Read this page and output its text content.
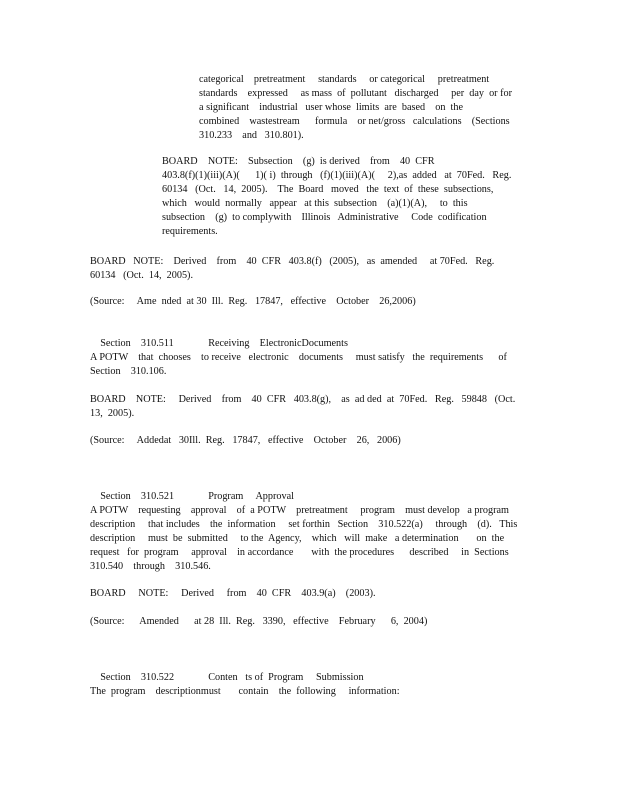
categorical    pretreatment     standards     or categorical     pretreatment
standards    expressed     as mass  of  pollutant   discharged     per  day  or for
a significant    industrial   user whose  limits  are  based    on  the
combined    wastestream      formula    or net/gross   calculations    (Sections
310.233    and   310.801).
BOARD    NOTE:    Subsection    (g)  is derived    from    40  CFR
403.8(f)(1)(iii)(A)(      1)( i)  through   (f)(1)(iii)(A)(     2),as  added   at  70Fed.   Reg.
60134   (Oct.   14,  2005).    The  Board   moved   the  text  of  these  subsections,
which   would  normally   appear   at this  subsection    (a)(1)(A),     to  this
subsection    (g)  to complywith    Illinois   Administrative     Code  codification
requirements.
BOARD   NOTE:    Derived    from    40  CFR   403.8(f)   (2005),   as  amended     at 70Fed.   Reg.
60134   (Oct.  14,  2005).
(Source:     Ame  nded  at 30  Ill.  Reg.   17847,   effective    October    26,2006)

Section    310.511	Receiving    ElectronicDocuments

A POTW    that  chooses    to receive   electronic    documents     must satisfy   the  requirements      of
Section    310.106.
BOARD    NOTE:     Derived    from    40  CFR   403.8(g),    as  ad ded  at  70Fed.   Reg.   59848   (Oct.
13,  2005).
(Source:     Addedat   30Ill.  Reg.   17847,   effective    October    26,   2006)

Section    310.521	Program     Approval

A POTW    requesting    approval    of  a POTW    pretreatment     program    must develop   a program
description     that includes    the  information     set forthin   Section    310.522(a)     through    (d).   This
description     must  be  submitted     to the  Agency,    which   will  make   a determination       on  the
request   for  program     approval    in accordance       with  the procedures      described     in  Sections
310.540    through    310.546.
BOARD     NOTE:     Derived     from    40  CFR    403.9(a)    (2003).
(Source:      Amended      at 28  Ill.  Reg.   3390,   effective    February      6,  2004)

Section    310.522	Conten   ts of  Program     Submission

The  program    descriptionmust       contain    the  following     information:
